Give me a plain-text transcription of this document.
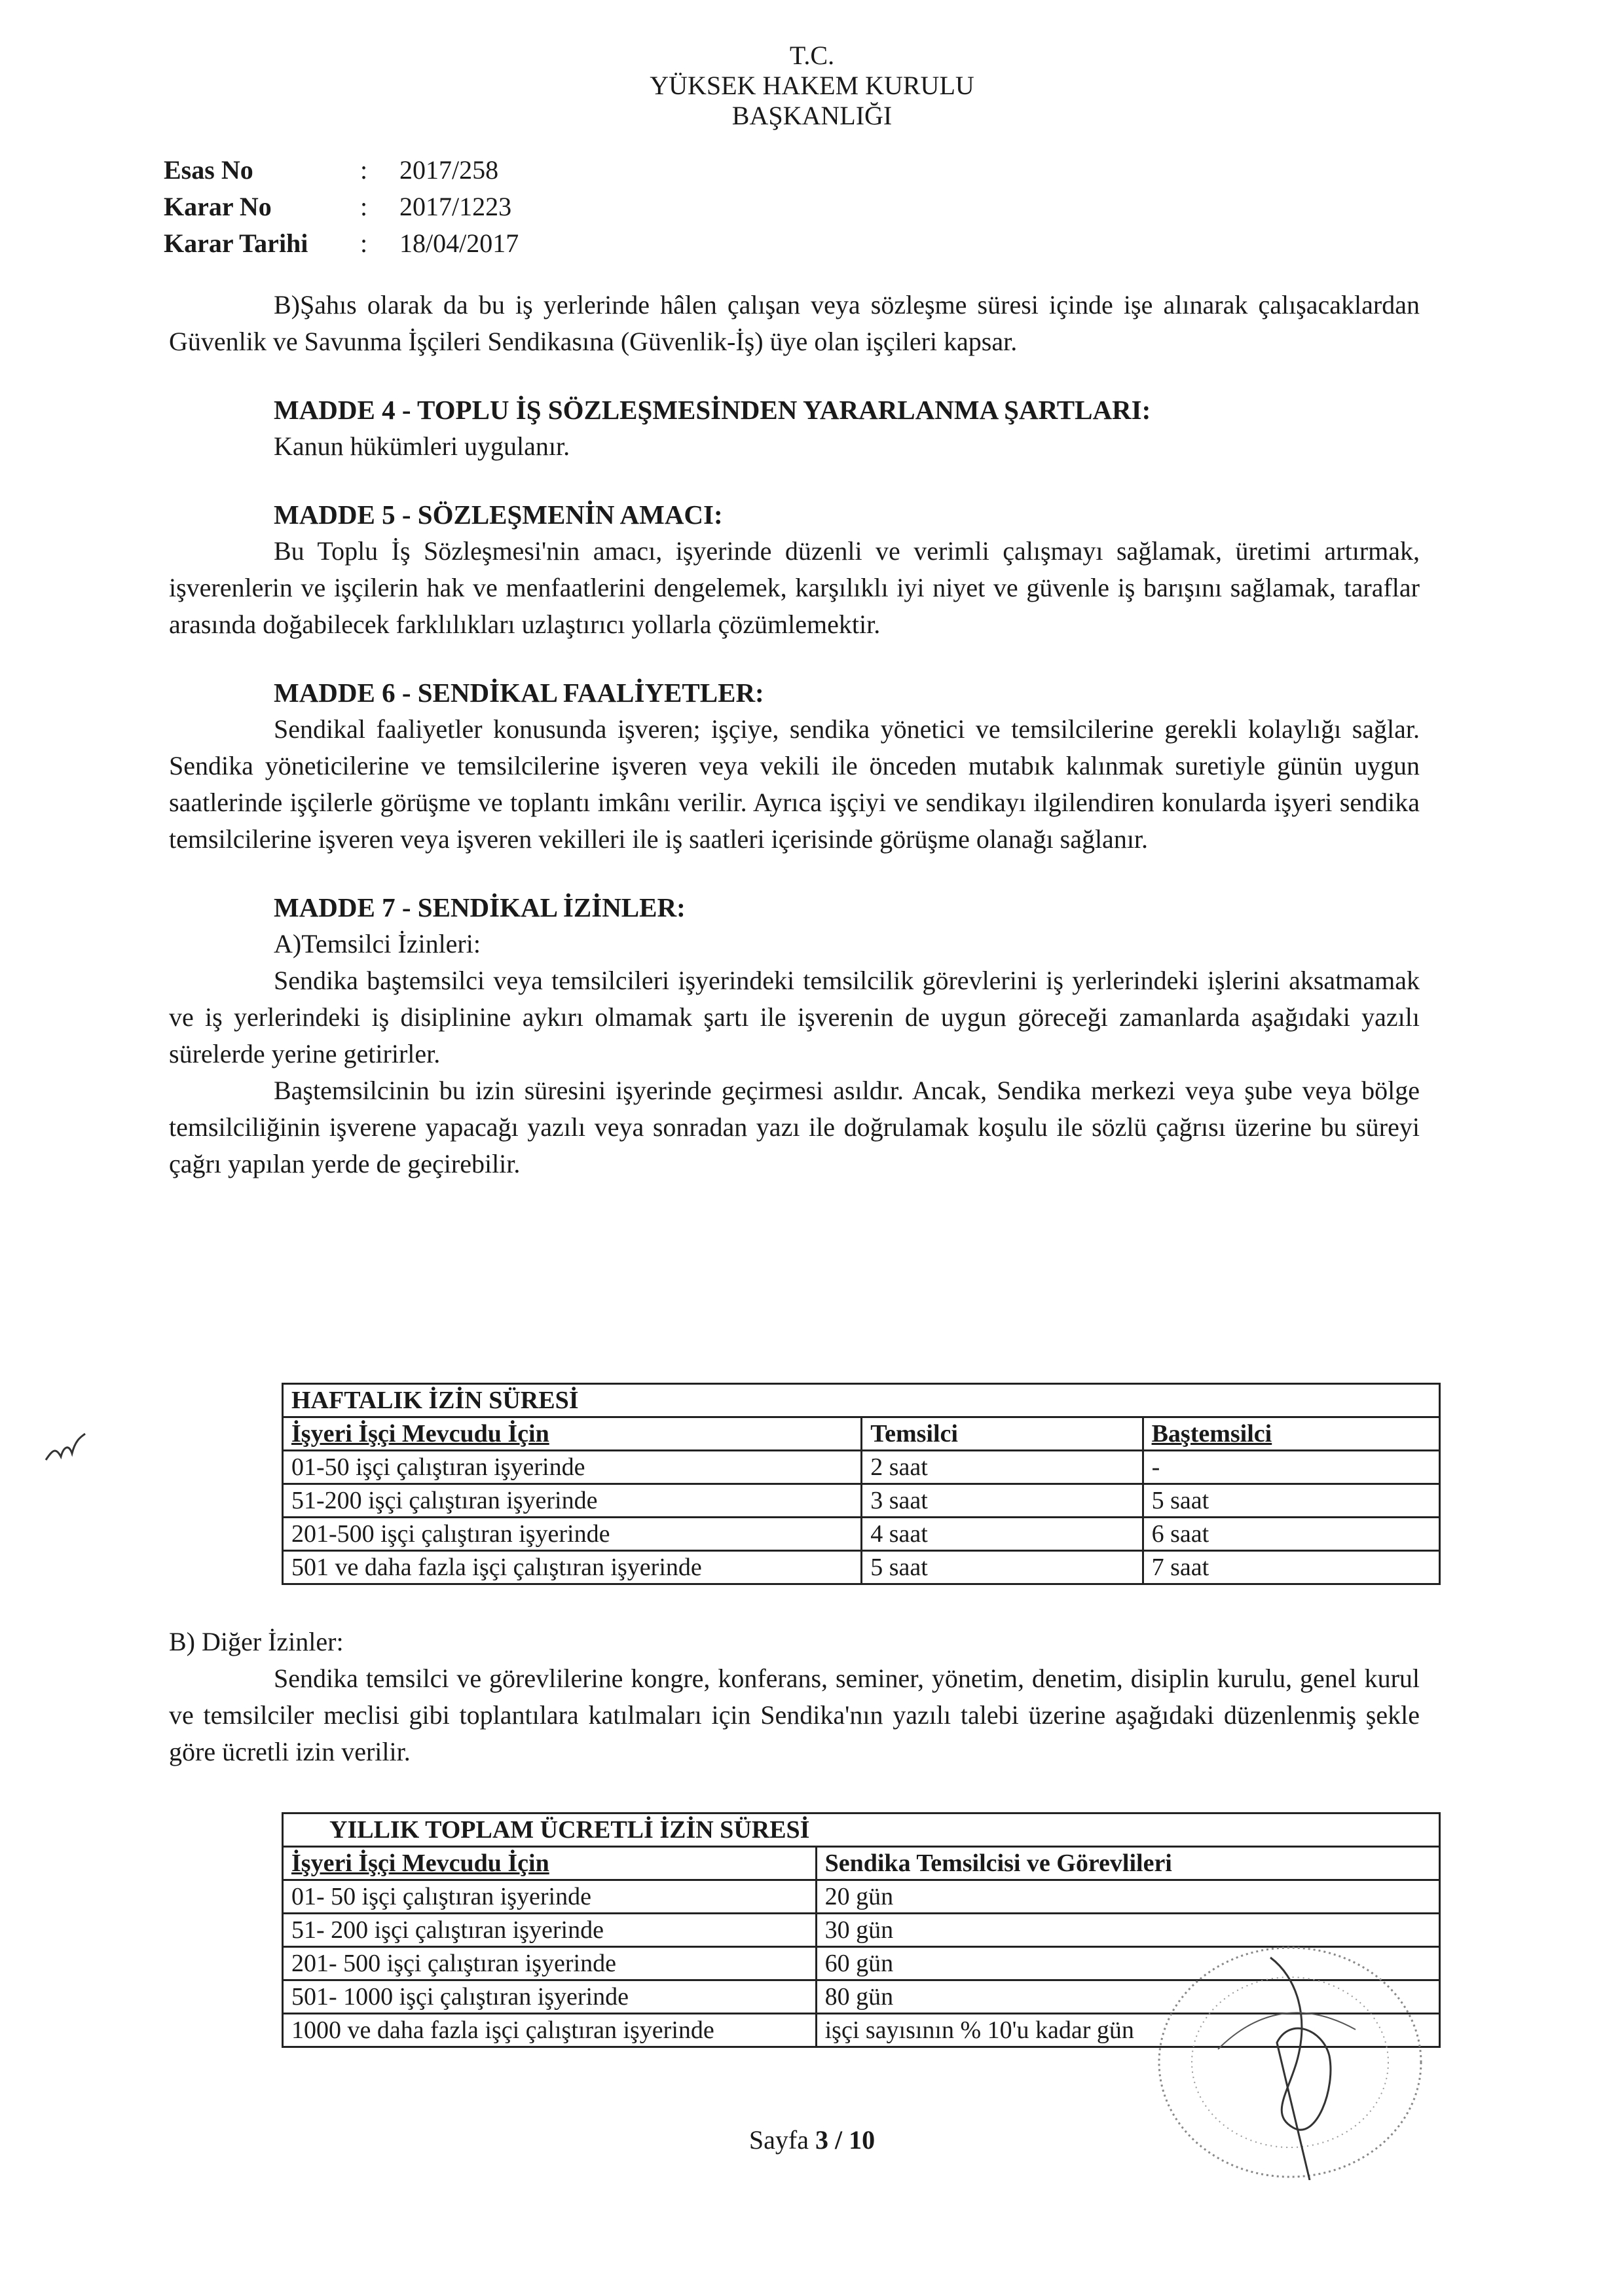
T.C.
YÜKSEK HAKEM KURULU
BAŞKANLIĞI
Esas No	:	2017/258
Karar No	:	2017/1223
Karar Tarihi	:	18/04/2017

B)Şahıs olarak da bu iş yerlerinde hâlen çalışan veya sözleşme süresi içinde işe alınarak çalışacaklardan Güvenlik ve Savunma İşçileri Sendikasına (Güvenlik-İş) üye olan işçileri kapsar.

MADDE 4 - TOPLU İŞ SÖZLEŞMESİNDEN YARARLANMA ŞARTLARI:

Kanun hükümleri uygulanır.

MADDE 5 - SÖZLEŞMENİN AMACI:

Bu Toplu İş Sözleşmesi'nin amacı, işyerinde düzenli ve verimli çalışmayı sağlamak, üretimi artırmak, işverenlerin ve işçilerin hak ve menfaatlerini dengelemek, karşılıklı iyi niyet ve güvenle iş barışını sağlamak, taraflar arasında doğabilecek farklılıkları uzlaştırıcı yollarla çözümlemektir.

MADDE 6 - SENDİKAL FAALİYETLER:

Sendikal faaliyetler konusunda işveren; işçiye, sendika yönetici ve temsilcilerine gerekli kolaylığı sağlar. Sendika yöneticilerine ve temsilcilerine işveren veya vekili ile önceden mutabık kalınmak suretiyle günün uygun saatlerinde işçilerle görüşme ve toplantı imkânı verilir. Ayrıca işçiyi ve sendikayı ilgilendiren konularda işyeri sendika temsilcilerine işveren veya işveren vekilleri ile iş saatleri içerisinde görüşme olanağı sağlanır.

MADDE 7 - SENDİKAL İZİNLER:

A)Temsilci İzinleri:

Sendika baştemsilci veya temsilcileri işyerindeki temsilcilik görevlerini iş yerlerindeki işlerini aksatmamak ve iş yerlerindeki iş disiplinine aykırı olmamak şartı ile işverenin de uygun göreceği zamanlarda aşağıdaki yazılı sürelerde yerine getirirler.

Baştemsilcinin bu izin süresini işyerinde geçirmesi asıldır. Ancak, Sendika merkezi veya şube veya bölge temsilciliğinin işverene yapacağı yazılı veya sonradan yazı ile doğrulamak koşulu ile sözlü çağrısı üzerine bu süreyi çağrı yapılan yerde de geçirebilir.

HAFTALIK İZİN SÜRESİ		
İşyeri İşçi Mevcudu İçin	Temsilci	Baştemsilci
01-50 işçi çalıştıran işyerinde	2 saat	-
51-200 işçi çalıştıran işyerinde	3 saat	5 saat
201-500 işçi çalıştıran işyerinde	4 saat	6 saat
501 ve daha fazla işçi çalıştıran işyerinde	5 saat	7 saat

B) Diğer İzinler:

Sendika temsilci ve görevlilerine kongre, konferans, seminer, yönetim, denetim, disiplin kurulu, genel kurul ve temsilciler meclisi gibi toplantılara katılmaları için Sendika'nın yazılı talebi üzerine aşağıdaki düzenlenmiş şekle göre ücretli izin verilir.

YILLIK TOPLAM ÜCRETLİ İZİN SÜRESİ	
İşyeri İşçi Mevcudu İçin	Sendika Temsilcisi ve Görevlileri
01- 50 işçi çalıştıran işyerinde	20 gün
51- 200 işçi çalıştıran işyerinde	30 gün
201- 500 işçi çalıştıran işyerinde	60 gün
501- 1000 işçi çalıştıran işyerinde	80 gün
1000 ve daha fazla işçi çalıştıran işyerinde	işçi sayısının % 10'u kadar gün
Sayfa 3 / 10
